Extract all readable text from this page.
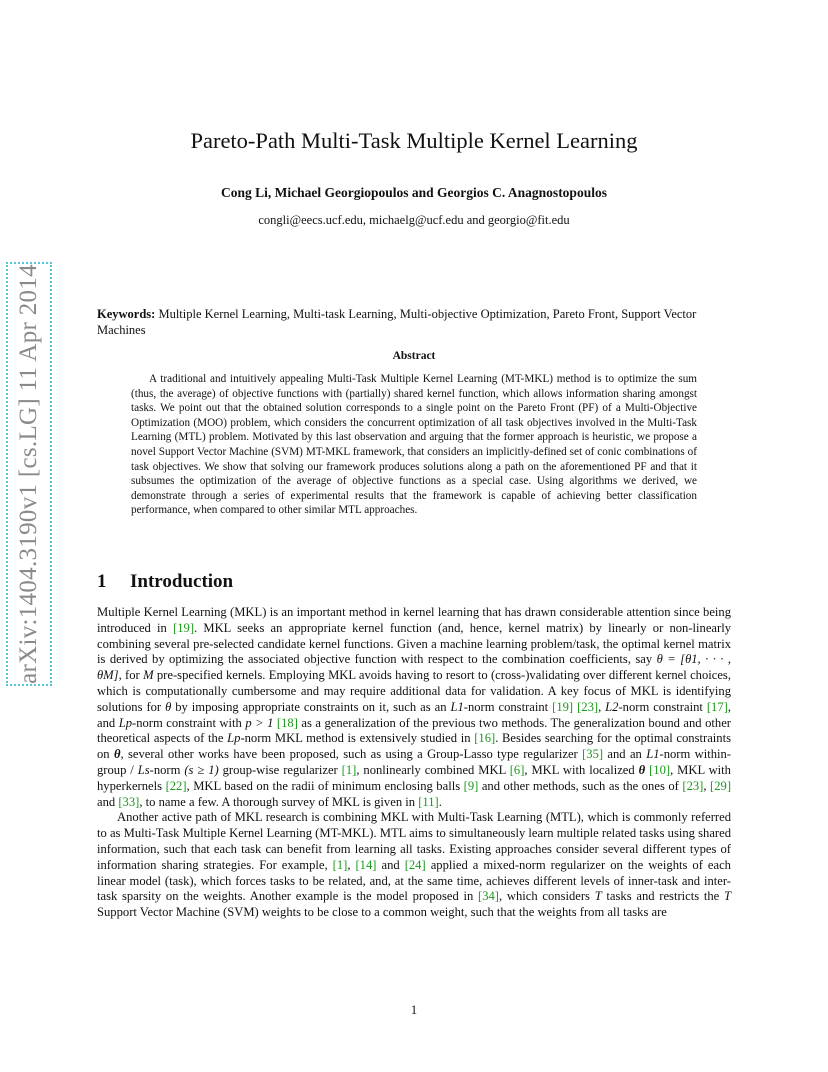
arXiv:1404.3190v1 [cs.LG] 11 Apr 2014
Pareto-Path Multi-Task Multiple Kernel Learning
Cong Li, Michael Georgiopoulos and Georgios C. Anagnostopoulos
congli@eecs.ucf.edu, michaelg@ucf.edu and georgio@fit.edu
Keywords: Multiple Kernel Learning, Multi-task Learning, Multi-objective Optimization, Pareto Front, Support Vector Machines
Abstract

A traditional and intuitively appealing Multi-Task Multiple Kernel Learning (MT-MKL) method is to optimize the sum (thus, the average) of objective functions with (partially) shared kernel function, which allows information sharing amongst tasks. We point out that the obtained solution corresponds to a single point on the Pareto Front (PF) of a Multi-Objective Optimization (MOO) problem, which considers the concurrent optimization of all task objectives involved in the Multi-Task Learning (MTL) problem. Motivated by this last observation and arguing that the former approach is heuristic, we propose a novel Support Vector Machine (SVM) MT-MKL framework, that considers an implicitly-defined set of conic combinations of task objectives. We show that solving our framework produces solutions along a path on the aforementioned PF and that it subsumes the optimization of the average of objective functions as a special case. Using algorithms we derived, we demonstrate through a series of experimental results that the framework is capable of achieving better classification performance, when compared to other similar MTL approaches.

1 Introduction

Multiple Kernel Learning (MKL) is an important method in kernel learning that has drawn considerable attention since being introduced in [19]. MKL seeks an appropriate kernel function (and, hence, kernel matrix) by linearly or non-linearly combining several pre-selected candidate kernel functions. Given a machine learning problem/task, the optimal kernel matrix is derived by optimizing the associated objective function with respect to the combination coefficients, say θ = [θ1, · · · , θM], for M pre-specified kernels. Employing MKL avoids having to resort to (cross-)validating over different kernel choices, which is computationally cumbersome and may require additional data for validation. A key focus of MKL is identifying solutions for θ by imposing appropriate constraints on it, such as an L1-norm constraint [19] [23], L2-norm constraint [17], and Lp-norm constraint with p > 1 [18] as a generalization of the previous two methods. The generalization bound and other theoretical aspects of the Lp-norm MKL method is extensively studied in [16]. Besides searching for the optimal constraints on θ, several other works have been proposed, such as using a Group-Lasso type regularizer [35] and an L1-norm within-group / Ls-norm (s ≥ 1) group-wise regularizer [1], nonlinearly combined MKL [6], MKL with localized θ [10], MKL with hyperkernels [22], MKL based on the radii of minimum enclosing balls [9] and other methods, such as the ones of [23], [29] and [33], to name a few. A thorough survey of MKL is given in [11].

Another active path of MKL research is combining MKL with Multi-Task Learning (MTL), which is commonly referred to as Multi-Task Multiple Kernel Learning (MT-MKL). MTL aims to simultaneously learn multiple related tasks using shared information, such that each task can benefit from learning all tasks. Existing approaches consider several different types of information sharing strategies. For example, [1], [14] and [24] applied a mixed-norm regularizer on the weights of each linear model (task), which forces tasks to be related, and, at the same time, achieves different levels of inner-task and inter-task sparsity on the weights. Another example is the model proposed in [34], which considers T tasks and restricts the T Support Vector Machine (SVM) weights to be close to a common weight, such that the weights from all tasks are

1
